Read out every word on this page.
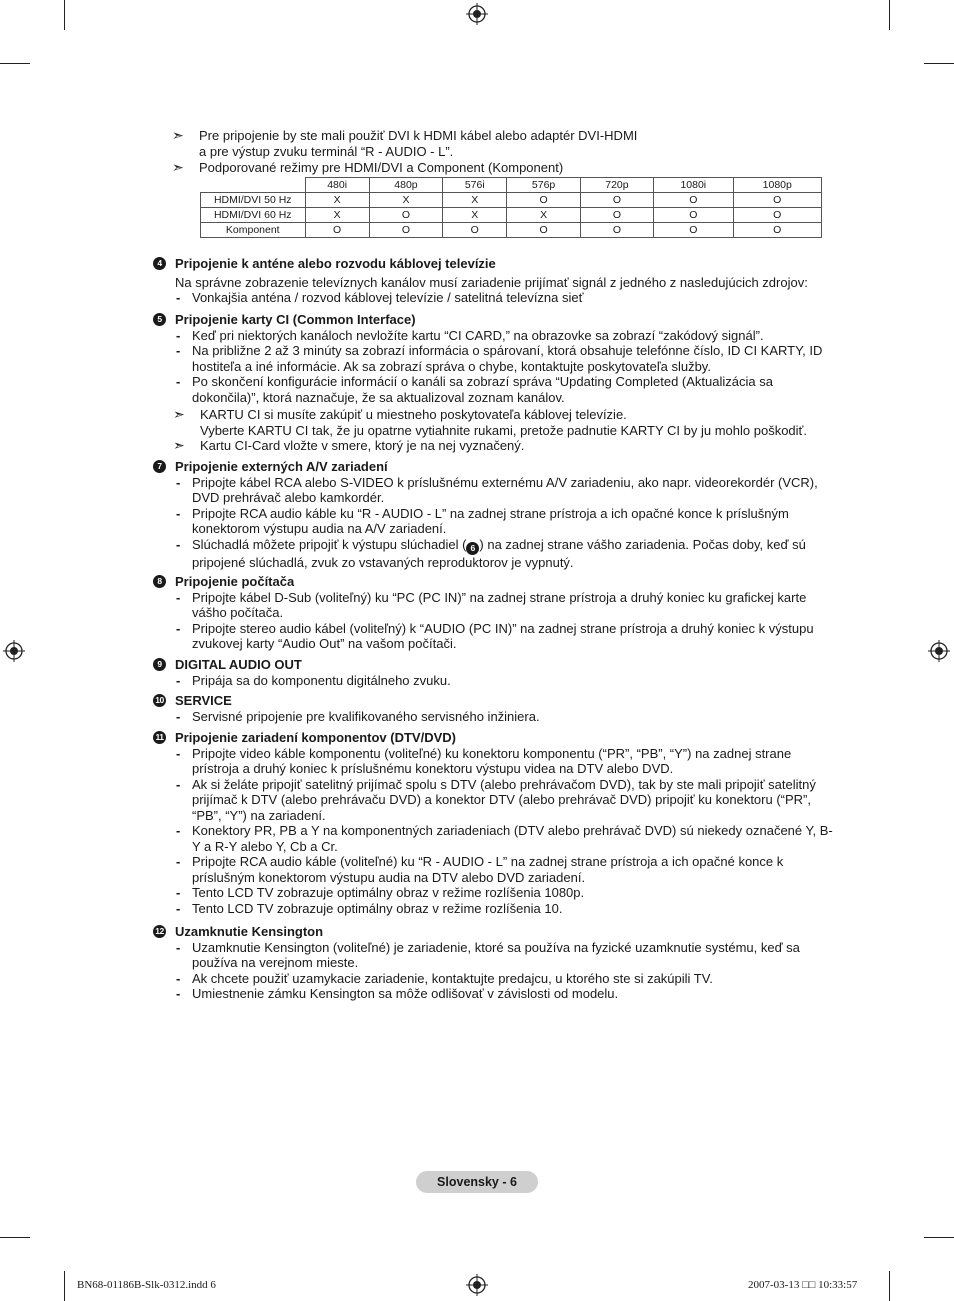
➣ Pre pripojenie by ste mali použiť DVI k HDMI kábel alebo adaptér DVI-HDMI
a pre výstup zvuku terminál “R - AUDIO - L”.
➣ Podporované režimy pre HDMI/DVI a Component (Komponent)
	480i	480p	576i	576p	720p	1080i	1080p
HDMI/DVI 50 Hz	X	X	X	O	O	O	O
HDMI/DVI 60 Hz	X	O	X	X	O	O	O
Komponent	O	O	O	O	O	O	O
4	Pripojenie k anténe alebo rozvodu káblovej televízie
Na správne zobrazenie televíznych kanálov musí zariadenie prijímať signál z jedného z nasledujúcich zdrojov:
- Vonkajšia anténa / rozvod káblovej televízie / satelitná televízna sieť
5	Pripojenie karty CI (Common Interface)
- Keď pri niektorých kanáloch nevložíte kartu “CI CARD,” na obrazovke sa zobrazí “zakódový signál”.
- Na približne 2 až 3 minúty sa zobrazí informácia o spárovaní, ktorá obsahuje telefónne číslo, ID CI KARTY, ID hostiteľa a iné informácie. Ak sa zobrazí správa o chybe, kontaktujte poskytovateľa služby.
- Po skončení konfigurácie informácií o kanáli sa zobrazí správa “Updating Completed (Aktualizácia sa dokončila)”, ktorá naznačuje, že sa aktualizoval zoznam kanálov.
➣ KARTU CI si musíte zakúpiť u miestneho poskytovateľa káblovej televízie.
Vyberte KARTU CI tak, že ju opatrne vytiahnite rukami, pretože padnutie KARTY CI by ju mohlo poškodiť.
➣ Kartu CI-Card vložte v smere, ktorý je na nej vyznačený.
7	Pripojenie externých A/V zariadení
- Pripojte kábel RCA alebo S-VIDEO k príslušnému externému A/V zariadeniu, ako napr. videorekordér (VCR), DVD prehrávač alebo kamkordér.
- Pripojte RCA audio káble ku “R - AUDIO - L” na zadnej strane prístroja a ich opačné konce k príslušným konektorom výstupu audia na A/V zariadení.
- Slúchadlá môžete pripojiť k výstupu slúchadiel ( 6 ) na zadnej strane vášho zariadenia. Počas doby, keď sú pripojené slúchadlá, zvuk zo vstavaných reproduktorov je vypnutý.
8	Pripojenie počítača
- Pripojte kábel D-Sub (voliteľný) ku “PC (PC IN)” na zadnej strane prístroja a druhý koniec ku grafickej karte vášho počítača.
- Pripojte stereo audio kábel (voliteľný) k “AUDIO (PC IN)” na zadnej strane prístroja a druhý koniec k výstupu zvukovej karty “Audio Out” na vašom počítači.
9	DIGITAL AUDIO OUT
- Pripája sa do komponentu digitálneho zvuku.
10 SERVICE
- Servisné pripojenie pre kvalifikovaného servisného inžiniera.
11 Pripojenie zariadení komponentov (DTV/DVD)
- Pripojte video káble komponentu (voliteľné) ku konektoru komponentu (“PR”, “PB”, “Y”) na zadnej strane prístroja a druhý koniec k príslušnému konektoru výstupu videa na DTV alebo DVD.
- Ak si želáte pripojiť satelitný prijímač spolu s DTV (alebo prehrávačom DVD), tak by ste mali pripojiť satelitný prijímač k DTV (alebo prehrávaču DVD) a konektor DTV (alebo prehrávač DVD) pripojiť ku konektoru (“PR”, “PB”, “Y”) na zariadení.
- Konektory PR, PB a Y na komponentných zariadeniach (DTV alebo prehrávač DVD) sú niekedy označené Y, B-Y a R-Y alebo Y, Cb a Cr.
- Pripojte RCA audio káble (voliteľné) ku “R - AUDIO - L” na zadnej strane prístroja a ich opačné konce k príslušným konektorom výstupu audia na DTV alebo DVD zariadení.
- Tento LCD TV zobrazuje optimálny obraz v režime rozlíšenia 1080p.
- Tento LCD TV zobrazuje optimálny obraz v režime rozlíšenia 10.
12 Uzamknutie Kensington
- Uzamknutie Kensington (voliteľné) je zariadenie, ktoré sa používa na fyzické uzamknutie systému, keď sa používa na verejnom mieste.
- Ak chcete použiť uzamykacie zariadenie, kontaktujte predajcu, u ktorého ste si zakúpili TV.
- Umiestnenie zámku Kensington sa môže odlišovať v závislosti od modelu.
Slovensky - 6
BN68-01186B-Slk-0312.indd 6	2007-03-13 □□ 10:33:57
